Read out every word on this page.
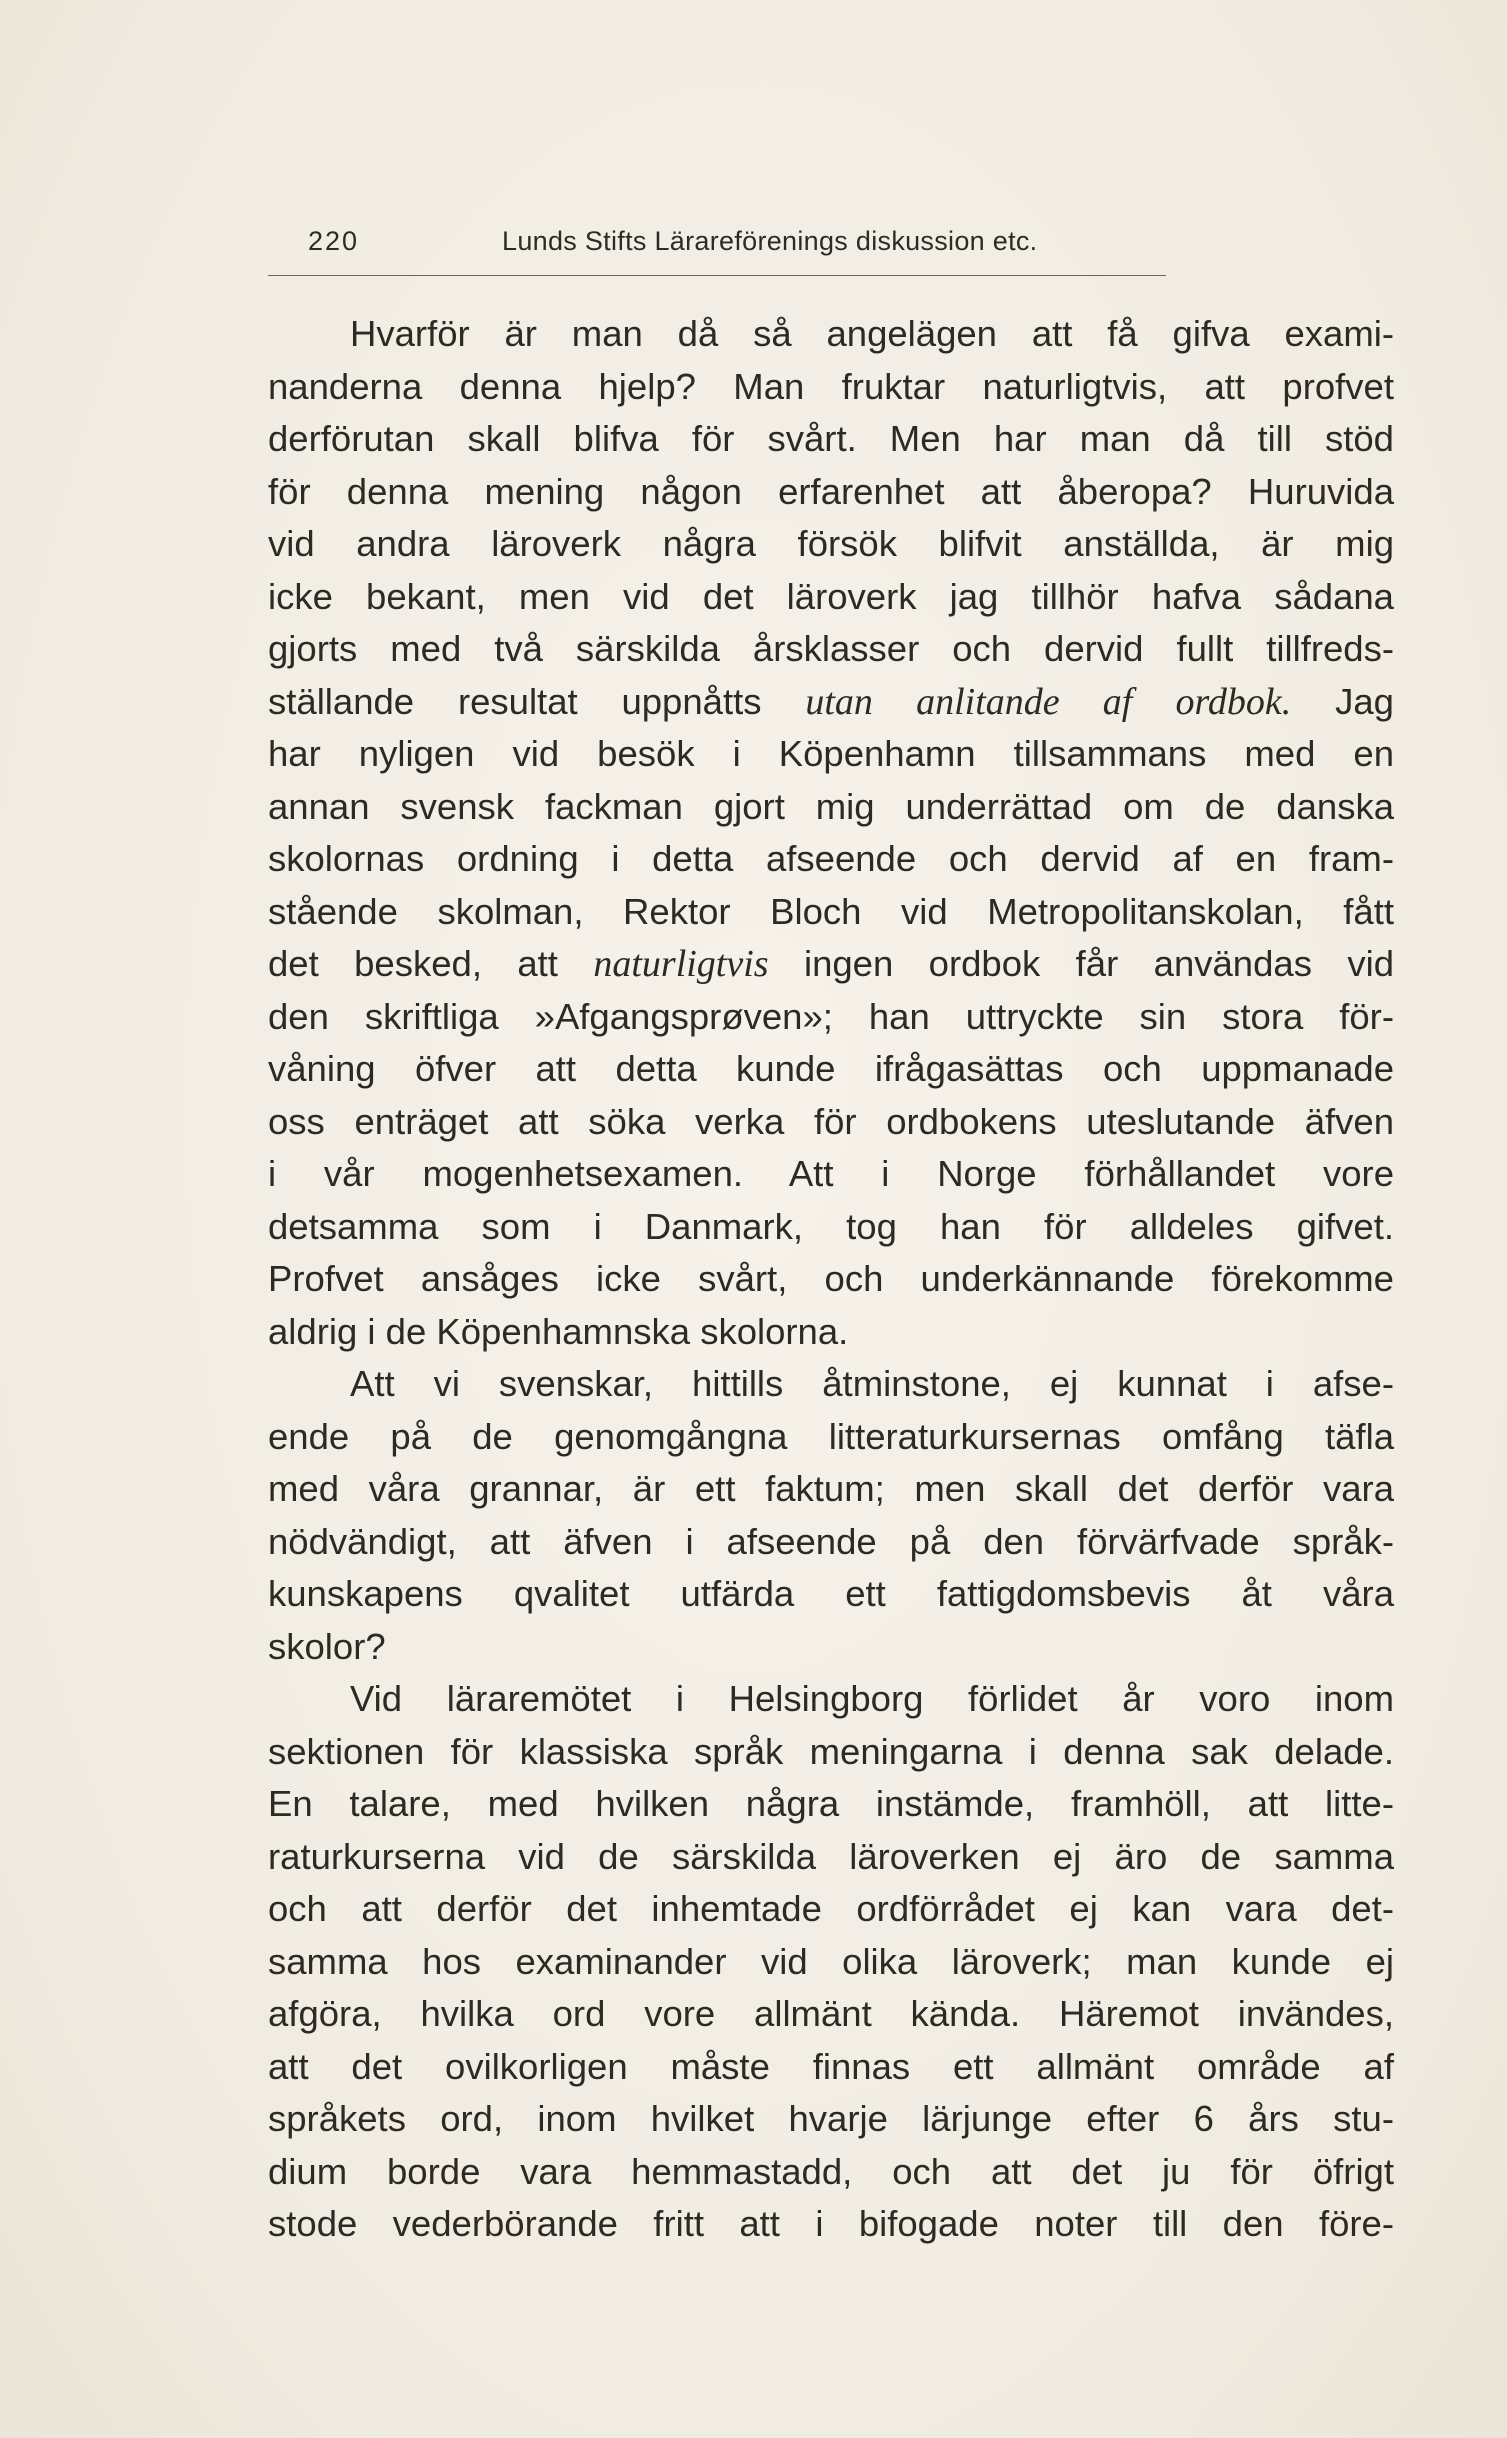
220	Lunds Stifts Lärareförenings diskussion etc.

Hvarför är man då så angelägen att få gifva exami-
nanderna denna hjelp? Man fruktar naturligtvis, att profvet
derförutan skall blifva för svårt. Men har man då till stöd
för denna mening någon erfarenhet att åberopa? Huruvida
vid andra läroverk några försök blifvit anställda, är mig
icke bekant, men vid det läroverk jag tillhör hafva sådana
gjorts med två särskilda årsklasser och dervid fullt tillfreds-
ställande resultat uppnåtts utan anlitande af ordbok. Jag
har nyligen vid besök i Köpenhamn tillsammans med en
annan svensk fackman gjort mig underrättad om de danska
skolornas ordning i detta afseende och dervid af en fram-
stående skolman, Rektor Bloch vid Metropolitanskolan, fått
det besked, att naturligtvis ingen ordbok får användas vid
den skriftliga »Afgangsprøven»; han uttryckte sin stora för-
våning öfver att detta kunde ifrågasättas och uppmanade
oss enträget att söka verka för ordbokens uteslutande äfven
i vår mogenhetsexamen. Att i Norge förhållandet vore
detsamma som i Danmark, tog han för alldeles gifvet.
Profvet ansåges icke svårt, och underkännande förekomme
aldrig i de Köpenhamnska skolorna.

Att vi svenskar, hittills åtminstone, ej kunnat i afse-
ende på de genomgångna litteraturkursernas omfång täfla
med våra grannar, är ett faktum; men skall det derför vara
nödvändigt, att äfven i afseende på den förvärfvade språk-
kunskapens qvalitet utfärda ett fattigdomsbevis åt våra
skolor?

Vid läraremötet i Helsingborg förlidet år voro inom
sektionen för klassiska språk meningarna i denna sak delade.
En talare, med hvilken några instämde, framhöll, att litte-
raturkurserna vid de särskilda läroverken ej äro de samma
och att derför det inhemtade ordförrådet ej kan vara det-
samma hos examinander vid olika läroverk; man kunde ej
afgöra, hvilka ord vore allmänt kända. Häremot invändes,
att det ovilkorligen måste finnas ett allmänt område af
språkets ord, inom hvilket hvarje lärjunge efter 6 års stu-
dium borde vara hemmastadd, och att det ju för öfrigt
stode vederbörande fritt att i bifogade noter till den före-
